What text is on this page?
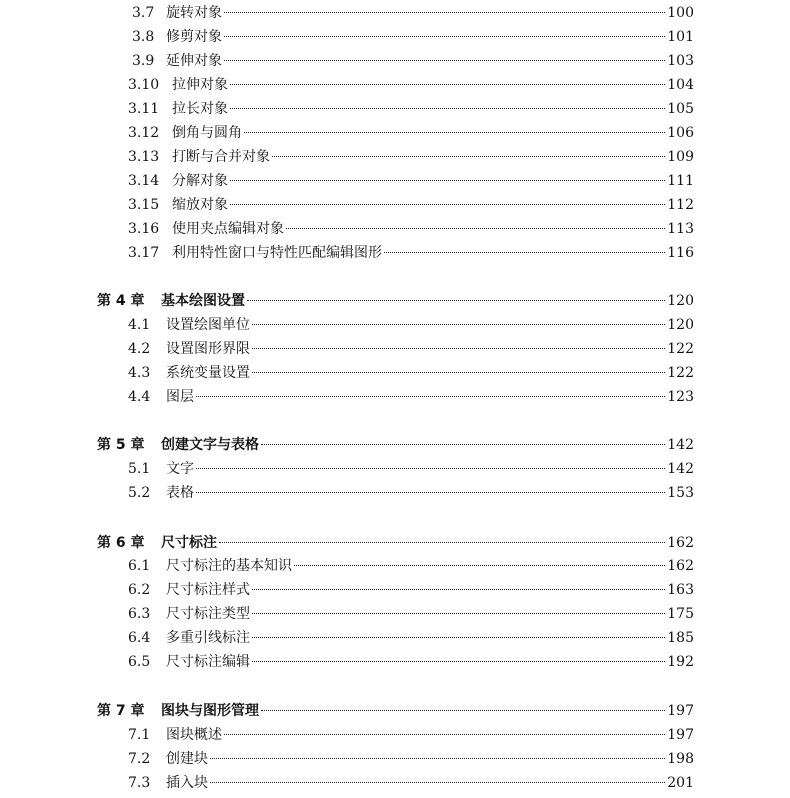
3.7 旋转对象	100
3.8 修剪对象	101
3.9 延伸对象	103
3.10 拉伸对象	104
3.11 拉长对象	105
3.12 倒角与圆角	106
3.13 打断与合并对象	109
3.14 分解对象	111
3.15 缩放对象	112
3.16 使用夹点编辑对象	113
3.17 利用特性窗口与特性匹配编辑图形	116
第 4 章	基本绘图设置	120
4.1	设置绘图单位	120
4.2	设置图形界限	122
4.3	系统变量设置	122
4.4	图层	123
第 5 章	创建文字与表格	142
5.1	文字	142
5.2	表格	153
第 6 章	尺寸标注	162
6.1	尺寸标注的基本知识	162
6.2	尺寸标注样式	163
6.3	尺寸标注类型	175
6.4	多重引线标注	185
6.5	尺寸标注编辑	192
第 7 章	图块与图形管理	197
7.1	图块概述	197
7.2	创建块	198
7.3	插入块	201
